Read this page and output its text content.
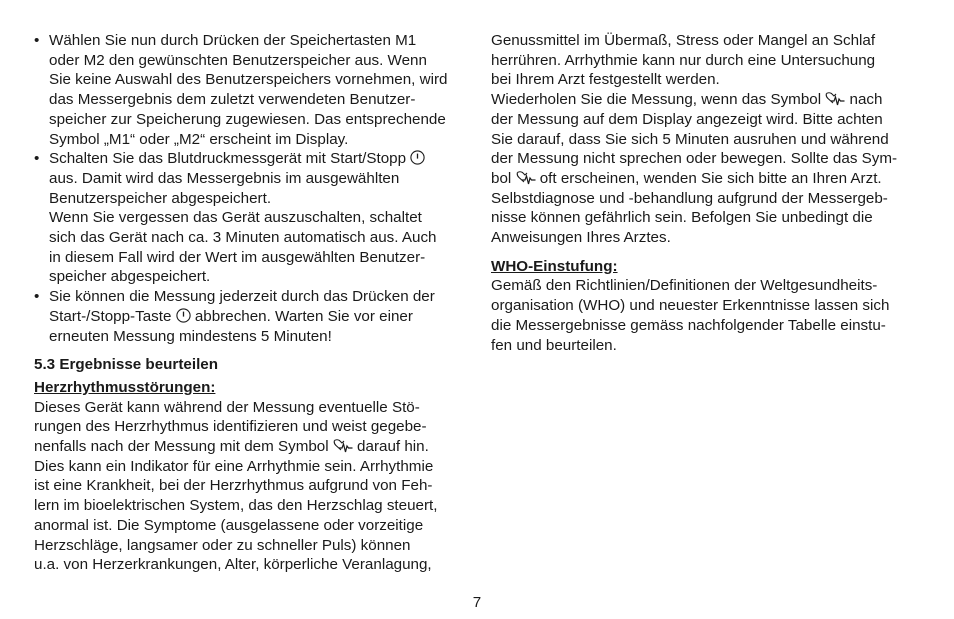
• Wählen Sie nun durch Drücken der Speichertasten M1
oder M2 den gewünschten Benutzerspeicher aus. Wenn
Sie keine Auswahl des Benutzerspeichers vornehmen, wird
das Messergebnis dem zuletzt verwendeten Benutzer-
speicher zur Speicherung zugewiesen. Das entsprechende
Symbol „M1“ oder „M2“ erscheint im Display.
• Schalten Sie das Blutdruckmessgerät mit Start/Stopp
aus. Damit wird das Messergebnis im ausgewählten
Benutzerspeicher abgespeichert.
Wenn Sie vergessen das Gerät auszuschalten, schaltet
sich das Gerät nach ca. 3 Minuten automatisch aus. Auch
in diesem Fall wird der Wert im ausgewählten Benutzer-
speicher abgespeichert.
• Sie können die Messung jederzeit durch das Drücken der
Start-/Stopp-Taste  abbrechen. Warten Sie vor einer
erneuten Messung mindestens 5 Minuten!
5.3 Ergebnisse beurteilen
Herzrhythmusstörungen:
Dieses Gerät kann während der Messung eventuelle Stö-
rungen des Herzrhythmus identifizieren und weist gegebe-
nenfalls nach der Messung mit dem Symbol  darauf hin.
Dies kann ein Indikator für eine Arrhythmie sein. Arrhythmie
ist eine Krankheit, bei der Herzrhythmus aufgrund von Feh-
lern im bioelektrischen System, das den Herzschlag steuert,
anormal ist. Die Symptome (ausgelassene oder vorzeitige
Herzschläge, langsamer oder zu schneller Puls) können
u.a. von Herzerkrankungen, Alter, körperliche Veranlagung,
Genussmittel im Übermaß, Stress oder Mangel an Schlaf
herrühren. Arrhythmie kann nur durch eine Untersuchung
bei Ihrem Arzt festgestellt werden.
Wiederholen Sie die Messung, wenn das Symbol  nach
der Messung auf dem Display angezeigt wird. Bitte achten
Sie darauf, dass Sie sich 5 Minuten ausruhen und während
der Messung nicht sprechen oder bewegen. Sollte das Sym-
bol  oft erscheinen, wenden Sie sich bitte an Ihren Arzt.
Selbstdiagnose und -behandlung aufgrund der Messergeb-
nisse können gefährlich sein. Befolgen Sie unbedingt die
Anweisungen Ihres Arztes.
WHO-Einstufung:
Gemäß den Richtlinien/Definitionen der Weltgesundheits-
organisation (WHO) und neuester Erkenntnisse lassen sich
die Messergebnisse gemäss nachfolgender Tabelle einstu-
fen und beurteilen.
7
